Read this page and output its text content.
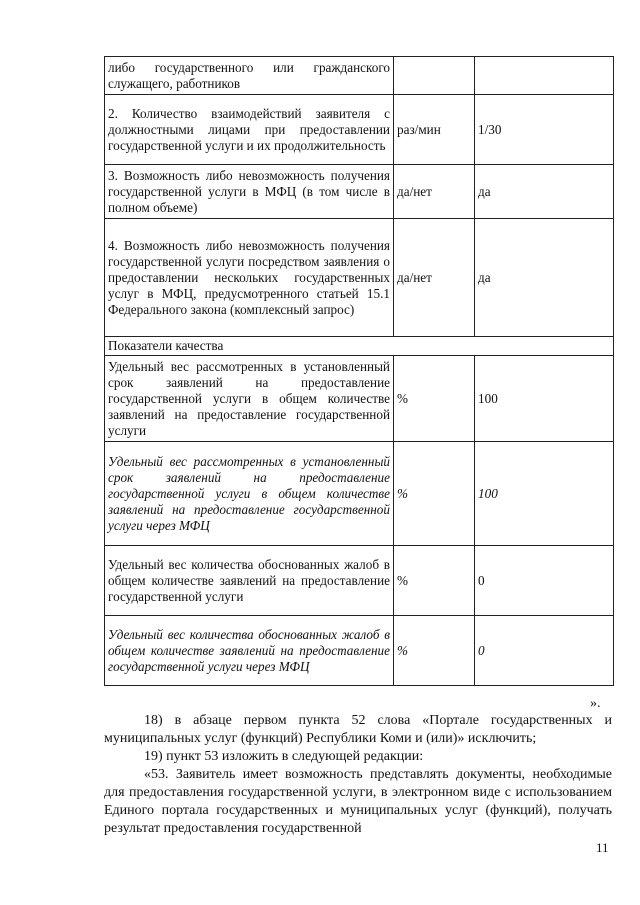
либо государственного или гражданского служащего, работников		
2. Количество взаимодействий заявителя с должностными лицами при предоставлении государственной услуги и их продолжительность	раз/мин	1/30
3. Возможность либо невозможность получения государственной услуги в МФЦ (в том числе в полном объеме)	да/нет	да
4. Возможность либо невозможность получения государственной услуги посредством заявления о предоставлении нескольких государственных услуг в МФЦ, предусмотренного статьей 15.1 Федерального закона (комплексный запрос)	да/нет	да
Показатели качества		
Удельный вес рассмотренных в установленный срок заявлений на предоставление государственной услуги в общем количестве заявлений на предоставление государственной услуги	%	100
Удельный вес рассмотренных в установленный срок заявлений на предоставление государственной услуги в общем количестве заявлений на предоставление государственной услуги через МФЦ	%	100
Удельный вес количества обоснованных жалоб в общем количестве заявлений на предоставление государственной услуги	%	0
Удельный вес количества обоснованных жалоб в общем количестве заявлений на предоставление государственной услуги через МФЦ	%	0
».
18) в абзаце первом пункта 52 слова «Портале государственных и муниципальных услуг (функций) Республики Коми и (или)» исключить;
19) пункт 53 изложить в следующей редакции:
«53. Заявитель имеет возможность представлять документы, необходимые для предоставления государственной услуги, в электронном виде с использованием Единого портала государственных и муниципальных услуг (функций), получать результат предоставления государственной
11
